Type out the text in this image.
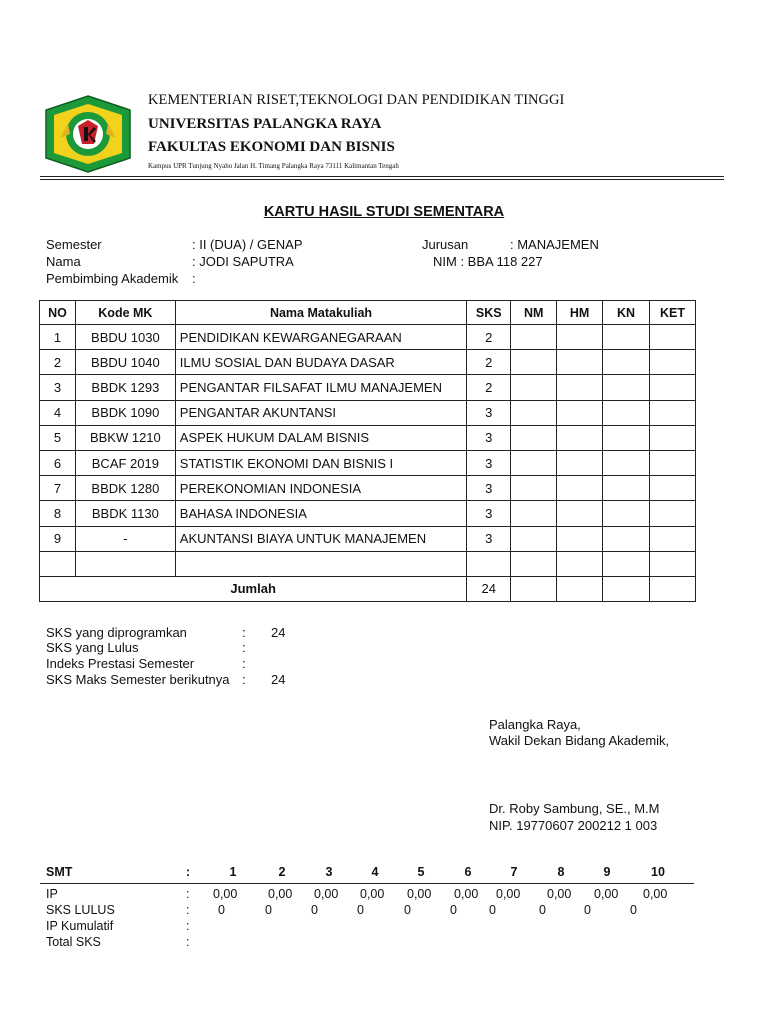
KEMENTERIAN RISET,TEKNOLOGI DAN PENDIDIKAN TINGGI
UNIVERSITAS PALANGKA RAYA
FAKULTAS EKONOMI DAN BISNIS
Kampus UPR Tunjung Nyaho Jalan H. Timang Palangka Raya 73111 Kalimantan Tengah
KARTU HASIL STUDI SEMENTARA
Semester	: II (DUA) / GENAP	Jurusan	: MANAJEMEN
Nama	: JODI SAPUTRA	NIM : BBA 118 227
Pembimbing Akademik :
NO	Kode MK	Nama Matakuliah	SKS	NM	HM	KN	KET
1	BBDU 1030	PENDIDIKAN KEWARGANEGARAAN	2				
2	BBDU 1040	ILMU SOSIAL DAN BUDAYA DASAR	2				
3	BBDK 1293	PENGANTAR FILSAFAT ILMU MANAJEMEN	2				
4	BBDK 1090	PENGANTAR AKUNTANSI	3				
5	BBKW 1210	ASPEK HUKUM DALAM BISNIS	3				
6	BCAF 2019	STATISTIK EKONOMI DAN BISNIS I	3				
7	BBDK 1280	PEREKONOMIAN INDONESIA	3				
8	BBDK 1130	BAHASA INDONESIA	3				
9	-	AKUNTANSI BIAYA UNTUK MANAJEMEN	3				

Jumlah			24				
SKS yang diprogramkan	: 24
SKS yang Lulus	:
Indeks Prestasi Semester	:
SKS Maks Semester berikutnya : 24
Palangka Raya,
Wakil Dekan Bidang Akademik,
Dr. Roby Sambung, SE., M.M
NIP. 19770607 200212 1 003
SMT	:	1	2	3	4	5	6	7	8	9	10
IP	: 0,00 0,00 0,00 0,00 0,00 0,00 0,00 0,00 0,00 0,00
SKS LULUS	: 0	0	0	0	0	0	0	0	0	0
IP Kumulatif	:
Total SKS	:
